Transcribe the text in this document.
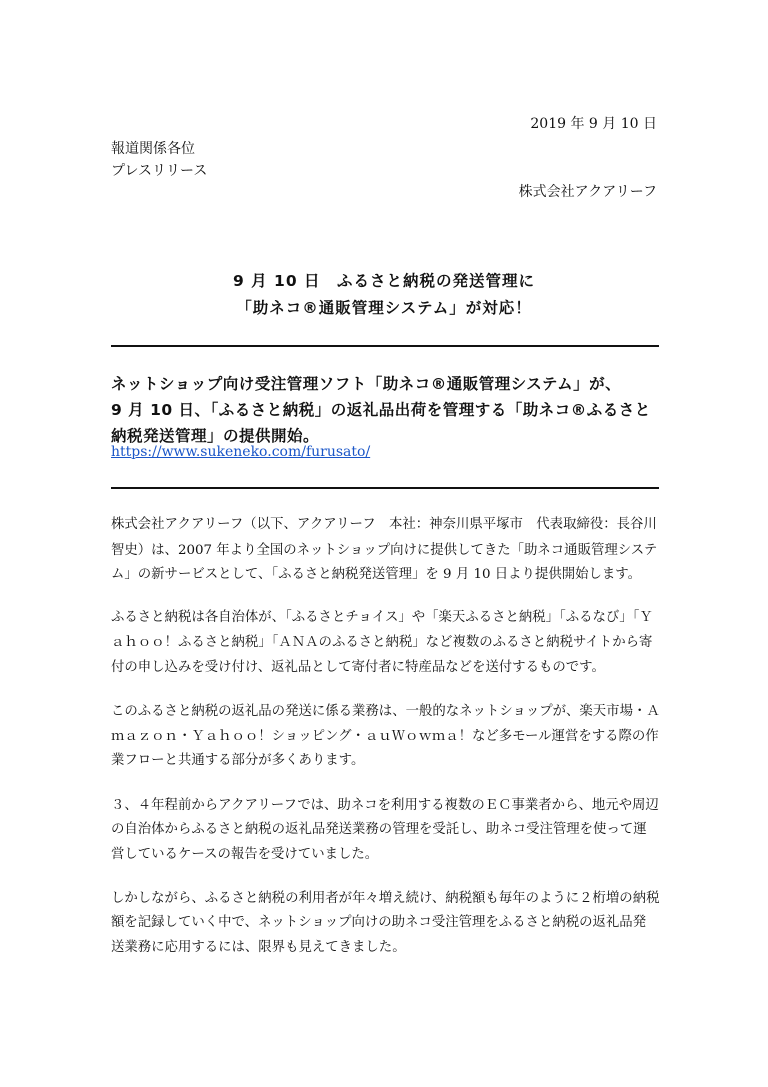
2019 年 9 月 10 日
報道関係各位
プレスリリース
株式会社アクアリーフ
9 月 10 日　ふるさと納税の発送管理に
「助ネコ®通販管理システム」が対応！
ネットショップ向け受注管理ソフト「助ネコ®通販管理システム」が、
9 月 10 日、「ふるさと納税」の返礼品出荷を管理する「助ネコ®ふるさと
納税発送管理」の提供開始。
https://www.sukeneko.com/furusato/
株式会社アクアリーフ（以下、アクアリーフ　本社：神奈川県平塚市　代表取締役：長谷川
智史）は、2007 年より全国のネットショップ向けに提供してきた「助ネコ通販管理システ
ム」の新サービスとして、「ふるさと納税発送管理」を 9 月 10 日より提供開始します。
ふるさと納税は各自治体が、「ふるさとチョイス」や「楽天ふるさと納税」「ふるなび」「Ｙ
ａｈｏｏ！ふるさと納税」「ＡＮＡのふるさと納税」など複数のふるさと納税サイトから寄
付の申し込みを受け付け、返礼品として寄付者に特産品などを送付するものです。
このふるさと納税の返礼品の発送に係る業務は、一般的なネットショップが、楽天市場・Ａ
ｍａｚｏｎ・Ｙａｈｏｏ！ショッピング・ａｕＷｏｗｍａ！など多モール運営をする際の作
業フローと共通する部分が多くあります。
３、４年程前からアクアリーフでは、助ネコを利用する複数のＥＣ事業者から、地元や周辺
の自治体からふるさと納税の返礼品発送業務の管理を受託し、助ネコ受注管理を使って運
営しているケースの報告を受けていました。
しかしながら、ふるさと納税の利用者が年々増え続け、納税額も毎年のように２桁増の納税
額を記録していく中で、ネットショップ向けの助ネコ受注管理をふるさと納税の返礼品発
送業務に応用するには、限界も見えてきました。
